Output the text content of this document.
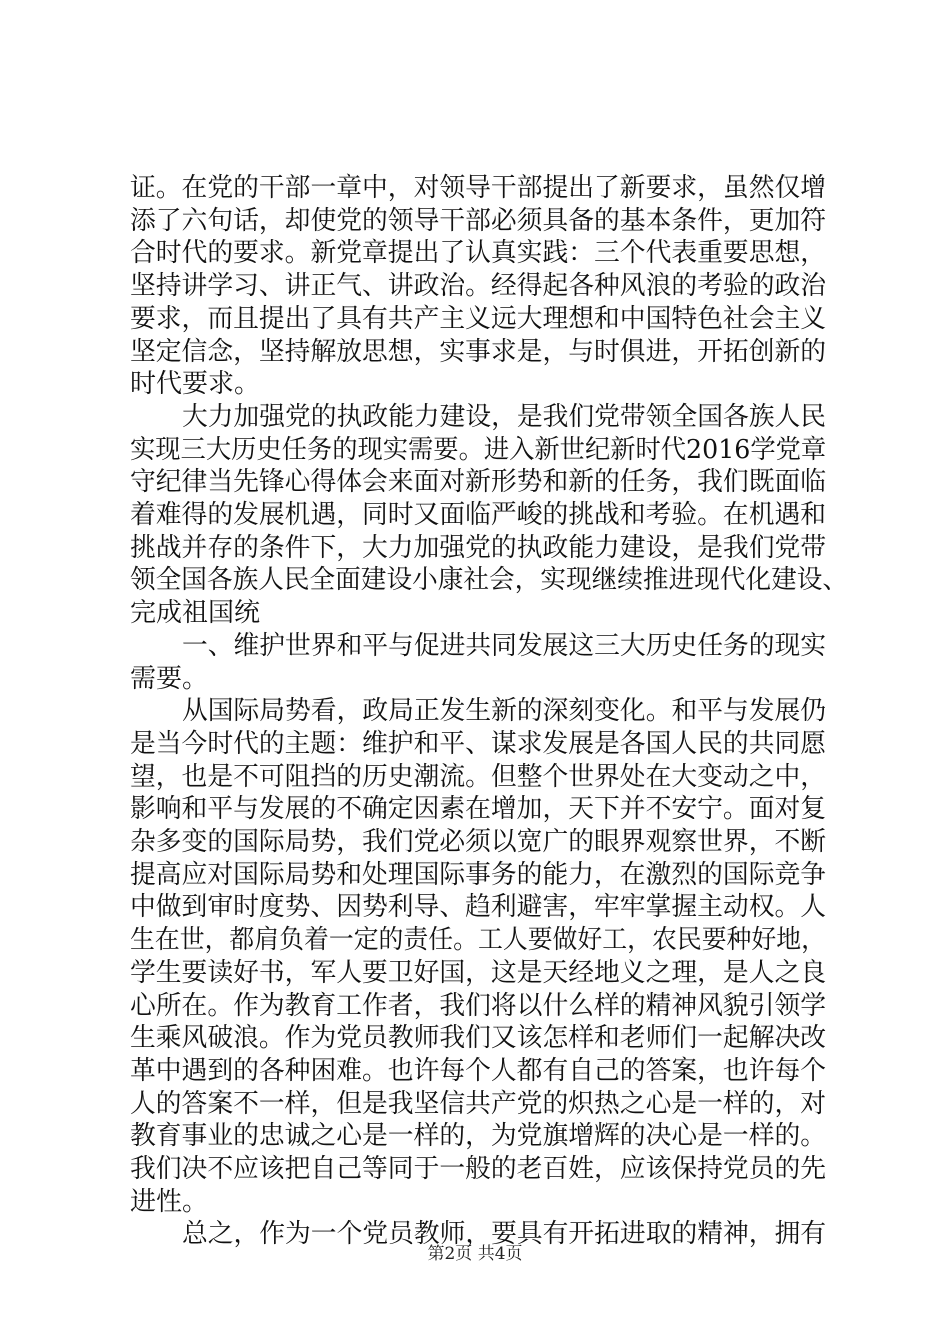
证。在党的干部一章中，对领导干部提出了新要求，虽然仅增
添了六句话，却使党的领导干部必须具备的基本条件，更加符
合时代的要求。新党章提出了认真实践：三个代表重要思想，
坚持讲学习、讲正气、讲政治。经得起各种风浪的考验的政治
要求，而且提出了具有共产主义远大理想和中国特色社会主义
坚定信念，坚持解放思想，实事求是，与时俱进，开拓创新的
时代要求。
大力加强党的执政能力建设，是我们党带领全国各族人民
实现三大历史任务的现实需要。进入新世纪新时代2016学党章
守纪律当先锋心得体会来面对新形势和新的任务，我们既面临
着难得的发展机遇，同时又面临严峻的挑战和考验。在机遇和
挑战并存的条件下，大力加强党的执政能力建设，是我们党带
领全国各族人民全面建设小康社会，实现继续推进现代化建设、
完成祖国统
一、维护世界和平与促进共同发展这三大历史任务的现实
需要。
从国际局势看，政局正发生新的深刻变化。和平与发展仍
是当今时代的主题：维护和平、谋求发展是各国人民的共同愿
望，也是不可阻挡的历史潮流。但整个世界处在大变动之中，
影响和平与发展的不确定因素在增加，天下并不安宁。面对复
杂多变的国际局势，我们党必须以宽广的眼界观察世界，不断
提高应对国际局势和处理国际事务的能力，在激烈的国际竞争
中做到审时度势、因势利导、趋利避害，牢牢掌握主动权。人
生在世，都肩负着一定的责任。工人要做好工，农民要种好地，
学生要读好书，军人要卫好国，这是天经地义之理，是人之良
心所在。作为教育工作者，我们将以什么样的精神风貌引领学
生乘风破浪。作为党员教师我们又该怎样和老师们一起解决改
革中遇到的各种困难。也许每个人都有自己的答案，也许每个
人的答案不一样，但是我坚信共产党的炽热之心是一样的，对
教育事业的忠诚之心是一样的，为党旗增辉的决心是一样的。
我们决不应该把自己等同于一般的老百姓，应该保持党员的先
进性。
总之，作为一个党员教师，要具有开拓进取的精神，拥有
第2页 共4页
